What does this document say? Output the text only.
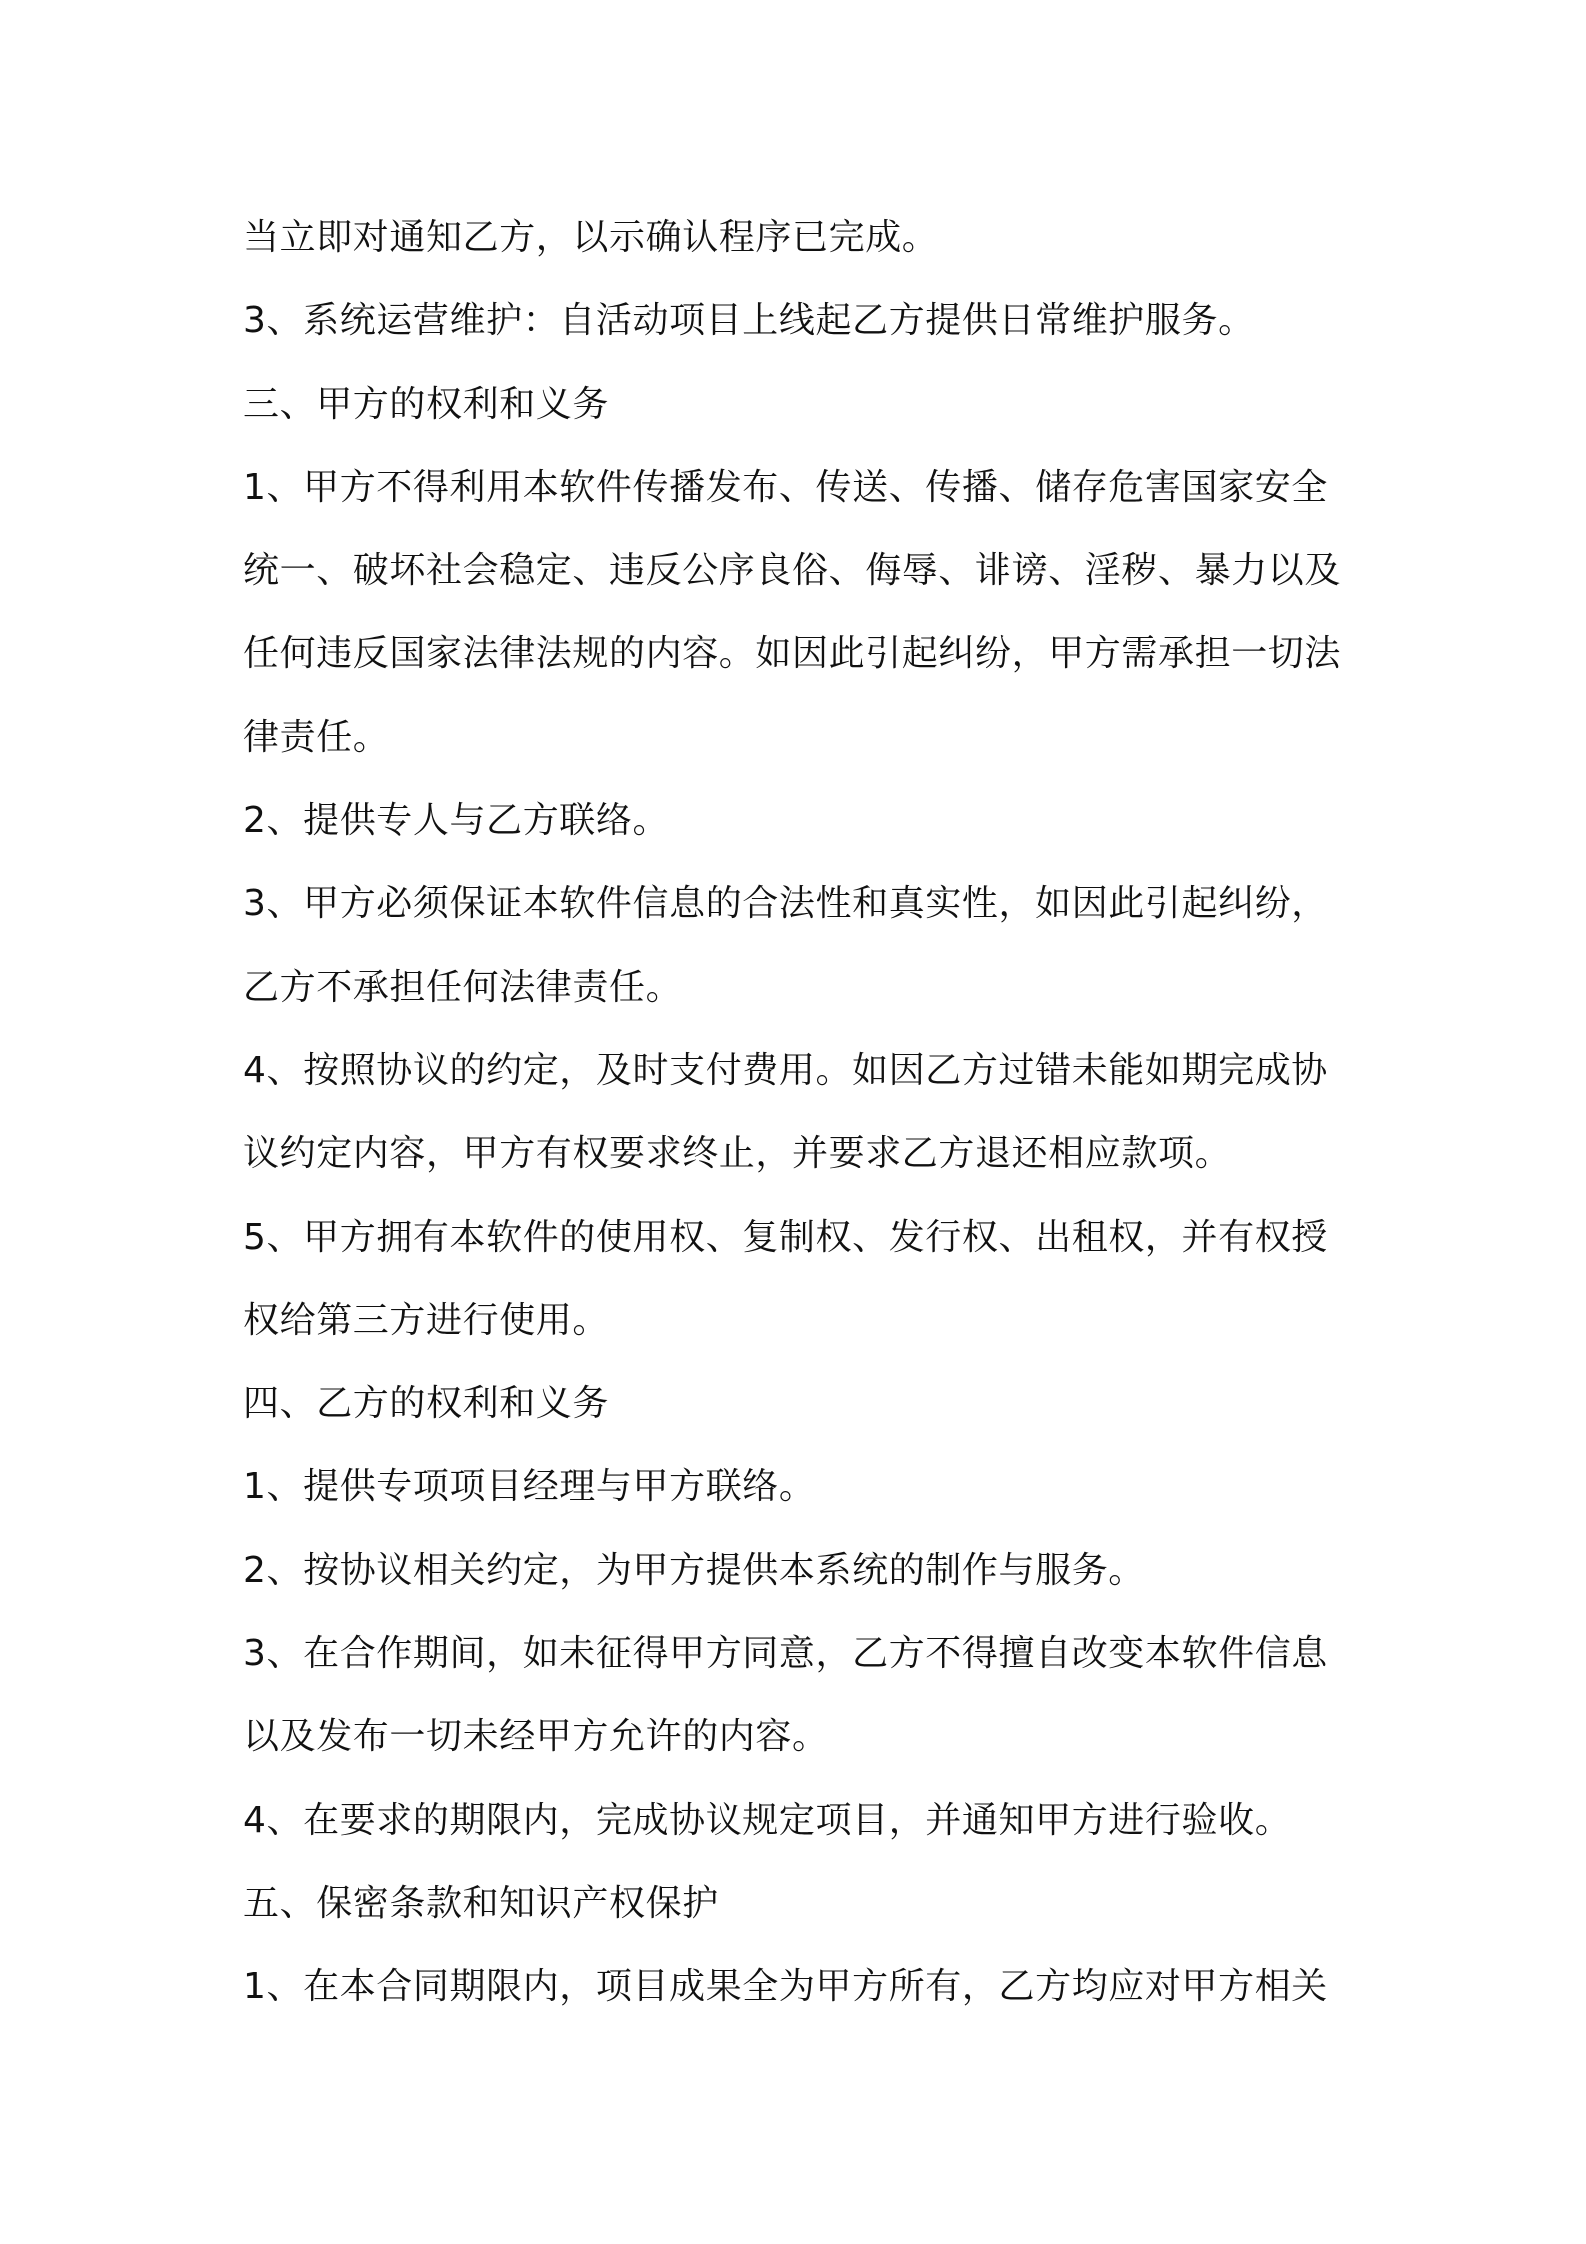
当立即对通知乙方，以示确认程序已完成。
3、系统运营维护：自活动项目上线起乙方提供日常维护服务。
三、甲方的权利和义务
1、甲方不得利用本软件传播发布、传送、传播、储存危害国家安全
统一、破坏社会稳定、违反公序良俗、侮辱、诽谤、淫秽、暴力以及
任何违反国家法律法规的内容。如因此引起纠纷，甲方需承担一切法
律责任。
2、提供专人与乙方联络。
3、甲方必须保证本软件信息的合法性和真实性，如因此引起纠纷，
乙方不承担任何法律责任。
4、按照协议的约定，及时支付费用。如因乙方过错未能如期完成协
议约定内容，甲方有权要求终止，并要求乙方退还相应款项。
5、甲方拥有本软件的使用权、复制权、发行权、出租权，并有权授
权给第三方进行使用。
四、乙方的权利和义务
1、提供专项项目经理与甲方联络。
2、按协议相关约定，为甲方提供本系统的制作与服务。
3、在合作期间，如未征得甲方同意，乙方不得擅自改变本软件信息
以及发布一切未经甲方允许的内容。
4、在要求的期限内，完成协议规定项目，并通知甲方进行验收。
五、保密条款和知识产权保护
1、在本合同期限内，项目成果全为甲方所有，乙方均应对甲方相关
